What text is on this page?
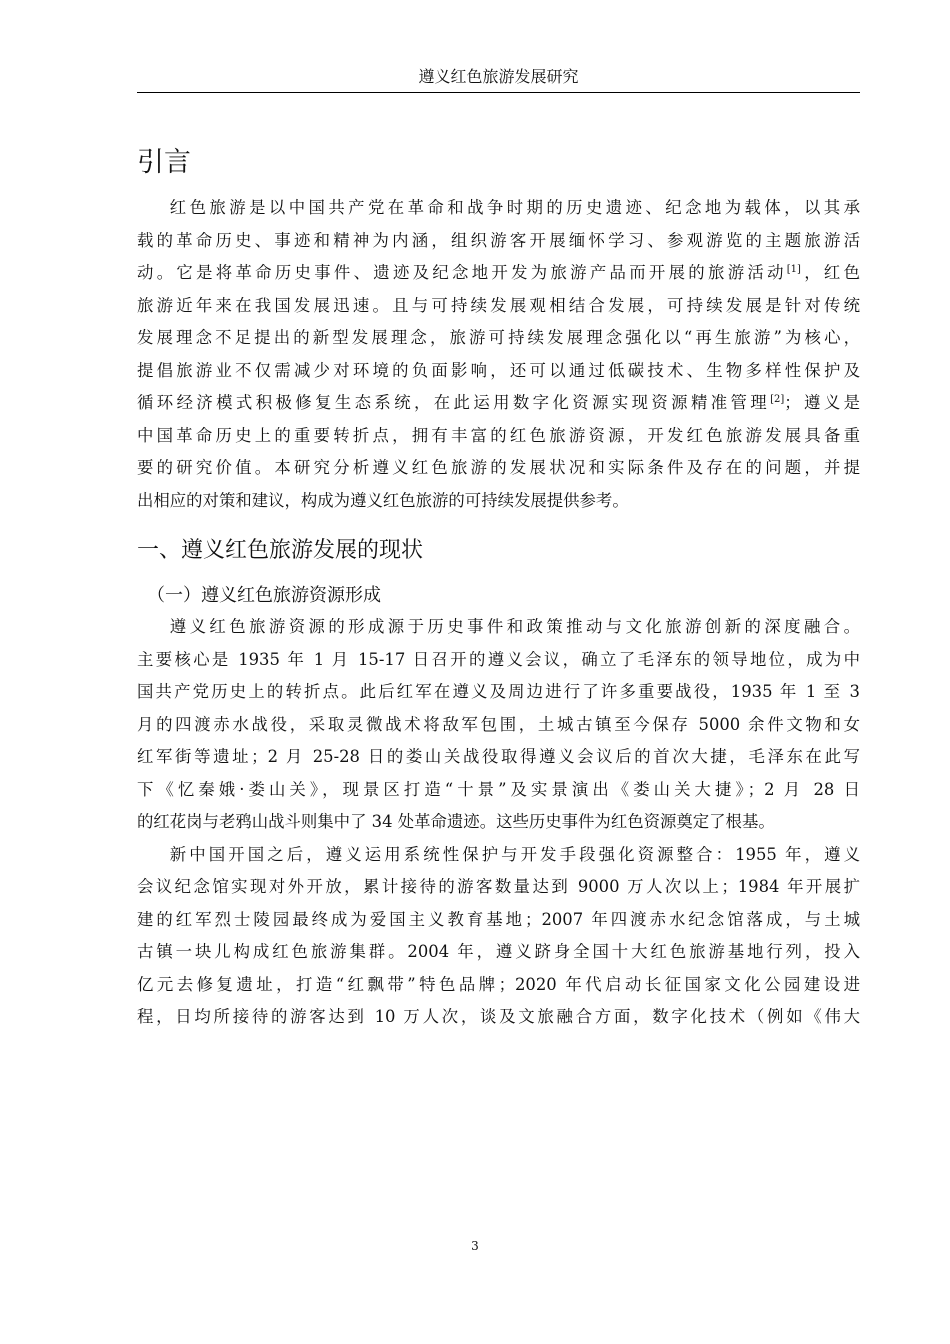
遵义红色旅游发展研究
引言

红色旅游是以中国共产党在革命和战争时期的历史遗迹、纪念地为载体，以其承
载的革命历史、事迹和精神为内涵，组织游客开展缅怀学习、参观游览的主题旅游活
动。它是将革命历史事件、遗迹及纪念地开发为旅游产品而开展的旅游活动[1]，红色
旅游近年来在我国发展迅速。且与可持续发展观相结合发展，可持续发展是针对传统
发展理念不足提出的新型发展理念，旅游可持续发展理念强化以“再生旅游”为核心，
提倡旅游业不仅需减少对环境的负面影响，还可以通过低碳技术、生物多样性保护及
循环经济模式积极修复生态系统，在此运用数字化资源实现资源精准管理[2]；遵义是
中国革命历史上的重要转折点，拥有丰富的红色旅游资源，开发红色旅游发展具备重
要的研究价值。本研究分析遵义红色旅游的发展状况和实际条件及存在的问题，并提
出相应的对策和建议，构成为遵义红色旅游的可持续发展提供参考。

一、遵义红色旅游发展的现状
（一）遵义红色旅游资源形成

遵义红色旅游资源的形成源于历史事件和政策推动与文化旅游创新的深度融合。
主要核心是 1935 年 1 月 15-17 日召开的遵义会议，确立了毛泽东的领导地位，成为中
国共产党历史上的转折点。此后红军在遵义及周边进行了许多重要战役，1935 年 1 至 3
月的四渡赤水战役，采取灵微战术将敌军包围，土城古镇至今保存 5000 余件文物和女
红军街等遗址；2 月 25-28 日的娄山关战役取得遵义会议后的首次大捷，毛泽东在此写
下《忆秦娥·娄山关》，现景区打造“十景”及实景演出《娄山关大捷》；2 月 28 日
的红花岗与老鸦山战斗则集中了 34 处革命遗迹。这些历史事件为红色资源奠定了根基。

新中国开国之后，遵义运用系统性保护与开发手段强化资源整合：1955 年，遵义
会议纪念馆实现对外开放，累计接待的游客数量达到 9000 万人次以上；1984 年开展扩
建的红军烈士陵园最终成为爱国主义教育基地；2007 年四渡赤水纪念馆落成，与土城
古镇一块儿构成红色旅游集群。2004 年，遵义跻身全国十大红色旅游基地行列，投入
亿元去修复遗址，打造“红飘带”特色品牌；2020 年代启动长征国家文化公园建设进
程，日均所接待的游客达到 10 万人次，谈及文旅融合方面，数字化技术（例如《伟大

3
